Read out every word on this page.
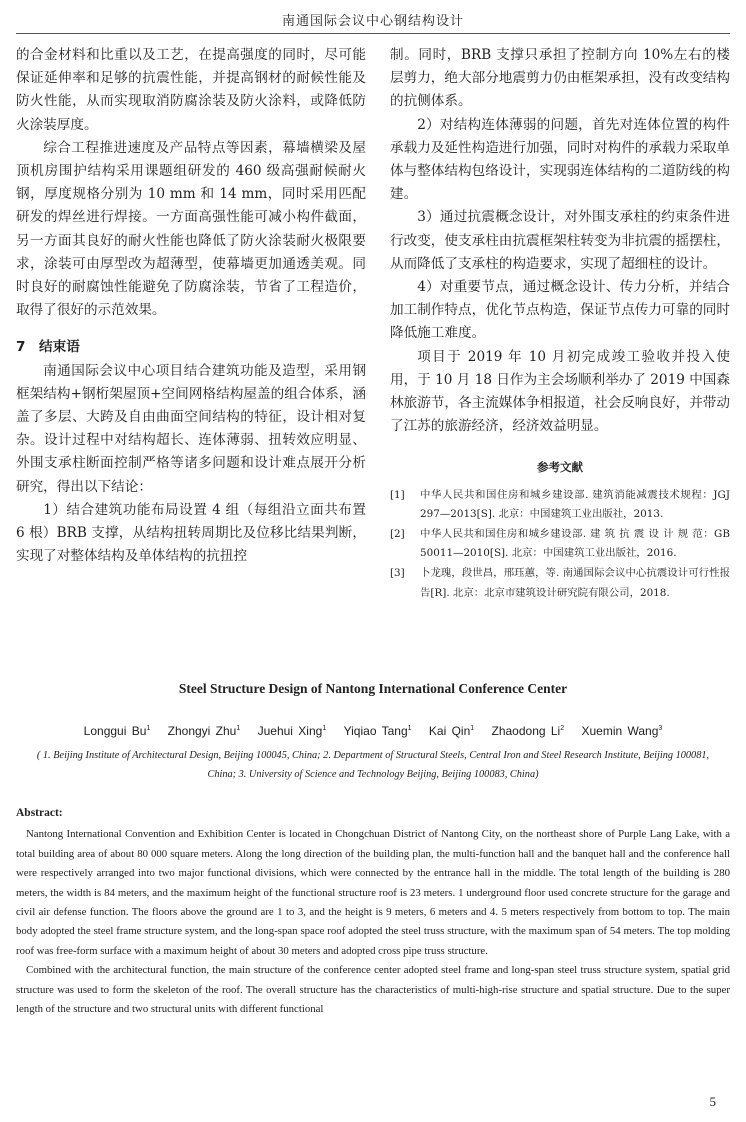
南通国际会议中心钢结构设计

的合金材料和比重以及工艺，在提高强度的同时，尽可能保证延伸率和足够的抗震性能，并提高钢材的耐候性能及防火性能，从而实现取消防腐涂装及防火涂料，或降低防火涂装厚度。

综合工程推进速度及产品特点等因素，幕墙横梁及屋顶机房围护结构采用课题组研发的 460 级高强耐候耐火钢，厚度规格分别为 10 mm 和 14 mm，同时采用匹配研发的焊丝进行焊接。一方面高强性能可减小构件截面，另一方面其良好的耐火性能也降低了防火涂装耐火极限要求，涂装可由厚型改为超薄型，使幕墙更加通透美观。同时良好的耐腐蚀性能避免了防腐涂装，节省了工程造价，取得了很好的示范效果。

7　结束语

南通国际会议中心项目结合建筑功能及造型，采用钢框架结构+钢桁架屋顶+空间网格结构屋盖的组合体系，涵盖了多层、大跨及自由曲面空间结构的特征，设计相对复杂。设计过程中对结构超长、连体薄弱、扭转效应明显、外围支承柱断面控制严格等诸多问题和设计难点展开分析研究，得出以下结论：

1）结合建筑功能布局设置 4 组（每组沿立面共布置 6 根）BRB 支撑，从结构扭转周期比及位移比结果判断，实现了对整体结构及单体结构的抗扭控

制。同时，BRB 支撑只承担了控制方向 10%左右的楼层剪力，绝大部分地震剪力仍由框架承担，没有改变结构的抗侧体系。

2）对结构连体薄弱的问题，首先对连体位置的构件承载力及延性构造进行加强，同时对构件的承载力采取单体与整体结构包络设计，实现弱连体结构的二道防线的构建。

3）通过抗震概念设计，对外围支承柱的约束条件进行改变，使支承柱由抗震框架柱转变为非抗震的摇摆柱，从而降低了支承柱的构造要求，实现了超细柱的设计。

4）对重要节点，通过概念设计、传力分析，并结合加工制作特点，优化节点构造，保证节点传力可靠的同时降低施工难度。

项目于 2019 年 10 月初完成竣工验收并投入使用，于 10 月 18 日作为主会场顺利举办了 2019 中国森林旅游节，各主流媒体争相报道，社会反响良好，并带动了江苏的旅游经济，经济效益明显。

参考文献
[1]	中华人民共和国住房和城乡建设部. 建筑消能减震技术规程：JGJ 297—2013[S]. 北京：中国建筑工业出版社，2013.
[2]	中华人民共和国住房和城乡建设部. 建 筑 抗 震 设 计 规 范：GB 50011—2010[S]. 北京：中国建筑工业出版社，2016.
[3]	卜龙瑰，段世昌，邢珏蕙，等. 南通国际会议中心抗震设计可行性报告[R]. 北京：北京市建筑设计研究院有限公司，2018.
Steel Structure Design of Nantong International Conference Center
Longgui Bu$^1$ Zhongyi Zhu$^1$ Juehui Xing$^1$ Yiqiao Tang$^1$ Kai Qin$^1$ Zhaodong Li$^2$ Xuemin Wang$^3$
( 1. Beijing Institute of Architectural Design, Beijing 100045, China; 2. Department of Structural Steels, Central Iron and Steel Research Institute, Beijing 100081, China; 3. University of Science and Technology Beijing, Beijing 100083, China)
Abstract:

Nantong International Convention and Exhibition Center is located in Chongchuan District of Nantong City, on the northeast shore of Purple Lang Lake, with a total building area of about 80 000 square meters. Along the long direction of the building plan, the multi-function hall and the banquet hall and the conference hall were respectively arranged into two major functional divisions, which were connected by the entrance hall in the middle. The total length of the building is 280 meters, the width is 84 meters, and the maximum height of the functional structure roof is 23 meters. 1 underground floor used concrete structure for the garage and civil air defense function. The floors above the ground are 1 to 3, and the height is 9 meters, 6 meters and 4. 5 meters respectively from bottom to top. The main body adopted the steel frame structure system, and the long-span space roof adopted the steel truss structure, with the maximum span of 54 meters. The top molding roof was free-form surface with a maximum height of about 30 meters and adopted cross pipe truss structure.

Combined with the architectural function, the main structure of the conference center adopted steel frame and long-span steel truss structure system, spatial grid structure was used to form the skeleton of the roof. The overall structure has the characteristics of multi-high-rise structure and spatial structure. Due to the super length of the structure and two structural units with different functional

5
